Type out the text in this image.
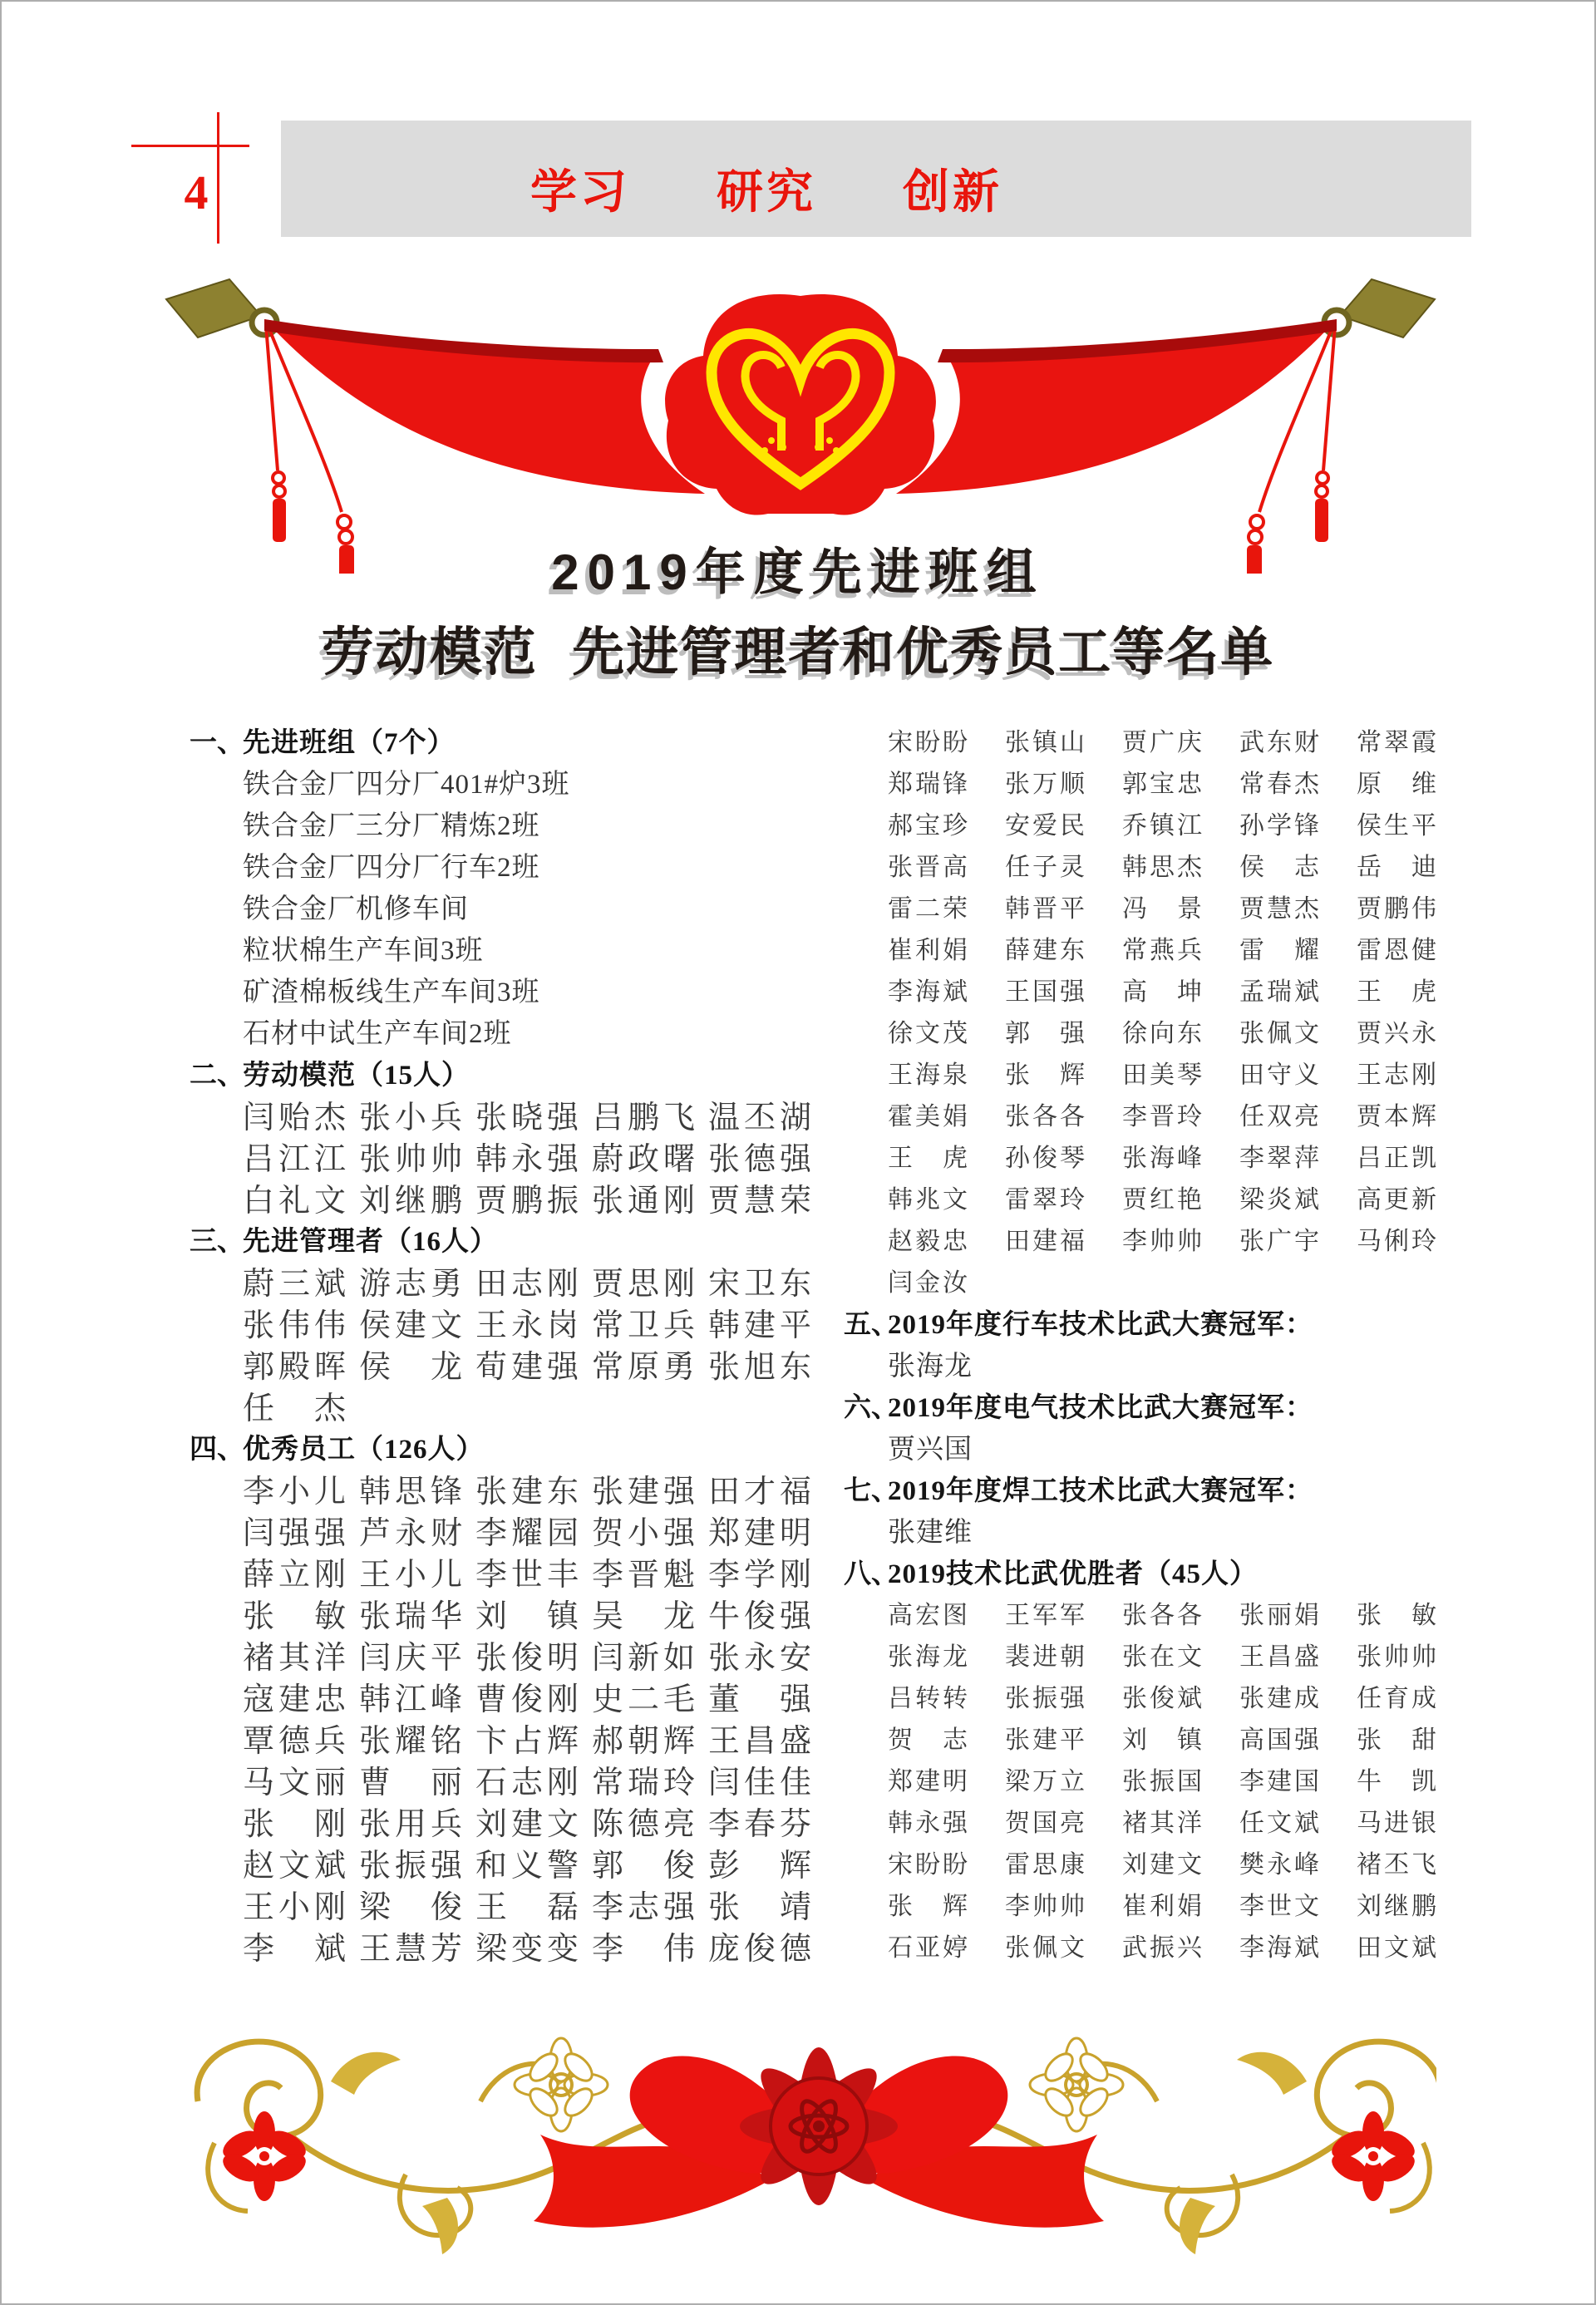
4	学习 研究 创新
2019年度先进班组
劳动模范 先进管理者和优秀员工等名单
一、
先进班组（7个）
铁合金厂四分厂401#炉3班
铁合金厂三分厂精炼2班
铁合金厂四分厂行车2班
铁合金厂机修车间
粒状棉生产车间3班
矿渣棉板线生产车间3班
石材中试生产车间2班
二、
劳动模范（15人）
闫贻杰 张小兵 张晓强 吕鹏飞 温丕湖
吕江江 张帅帅 韩永强 蔚政曙 张德强
白礼文 刘继鹏 贾鹏振 张通刚 贾慧荣
三、
先进管理者（16人）
蔚三斌 游志勇 田志刚 贾思刚 宋卫东
张伟伟 侯建文 王永岗 常卫兵 韩建平
郭殿晖 侯龙 荀建强 常原勇 张旭东
任杰
四、
优秀员工（126人）
李小儿 韩思锋 张建东 张建强 田才福
闫强强 芦永财 李耀园 贺小强 郑建明
薛立刚 王小儿 李世丰 李晋魁 李学刚
张敏 张瑞华 刘镇 吴龙 牛俊强
褚其洋 闫庆平 张俊明 闫新如 张永安
寇建忠 韩江峰 曹俊刚 史二毛 董强
覃德兵 张耀铭 卞占辉 郝朝辉 王昌盛
马文丽 曹丽 石志刚 常瑞玲 闫佳佳
张刚 张用兵 刘建文 陈德亮 李春芬
赵文斌 张振强 和义警 郭俊 彭辉
王小刚 梁俊 王磊 李志强 张靖
李斌 王慧芳 梁变变 李伟 庞俊德
宋盼盼 张镇山 贾广庆 武东财 常翠霞
郑瑞锋 张万顺 郭宝忠 常春杰 原维
郝宝珍 安爱民 乔镇江 孙学锋 侯生平
张晋高 任子灵 韩思杰 侯志 岳迪
雷二荣 韩晋平 冯景 贾慧杰 贾鹏伟
崔利娟 薛建东 常燕兵 雷耀 雷恩健
李海斌 王国强 高坤 孟瑞斌 王虎
徐文茂 郭强 徐向东 张佩文 贾兴永
王海泉 张辉 田美琴 田守义 王志刚
霍美娟 张各各 李晋玲 任双亮 贾本辉
王虎 孙俊琴 张海峰 李翠萍 吕正凯
韩兆文 雷翠玲 贾红艳 梁炎斌 高更新
赵毅忠 田建福 李帅帅 张广宇 马俐玲
闫金汝
五、
2019年度行车技术比武大赛冠军：
张海龙
六、
2019年度电气技术比武大赛冠军：
贾兴国
七、
2019年度焊工技术比武大赛冠军：
张建维
八、
2019技术比武优胜者（45人）
高宏图 王军军 张各各 张丽娟 张敏
张海龙 裴进朝 张在文 王昌盛 张帅帅
吕转转 张振强 张俊斌 张建成 任育成
贺志 张建平 刘镇 高国强 张甜
郑建明 梁万立 张振国 李建国 牛凯
韩永强 贺国亮 褚其洋 任文斌 马进银
宋盼盼 雷思康 刘建文 樊永峰 褚丕飞
张辉 李帅帅 崔利娟 李世文 刘继鹏
石亚婷 张佩文 武振兴 李海斌 田文斌
